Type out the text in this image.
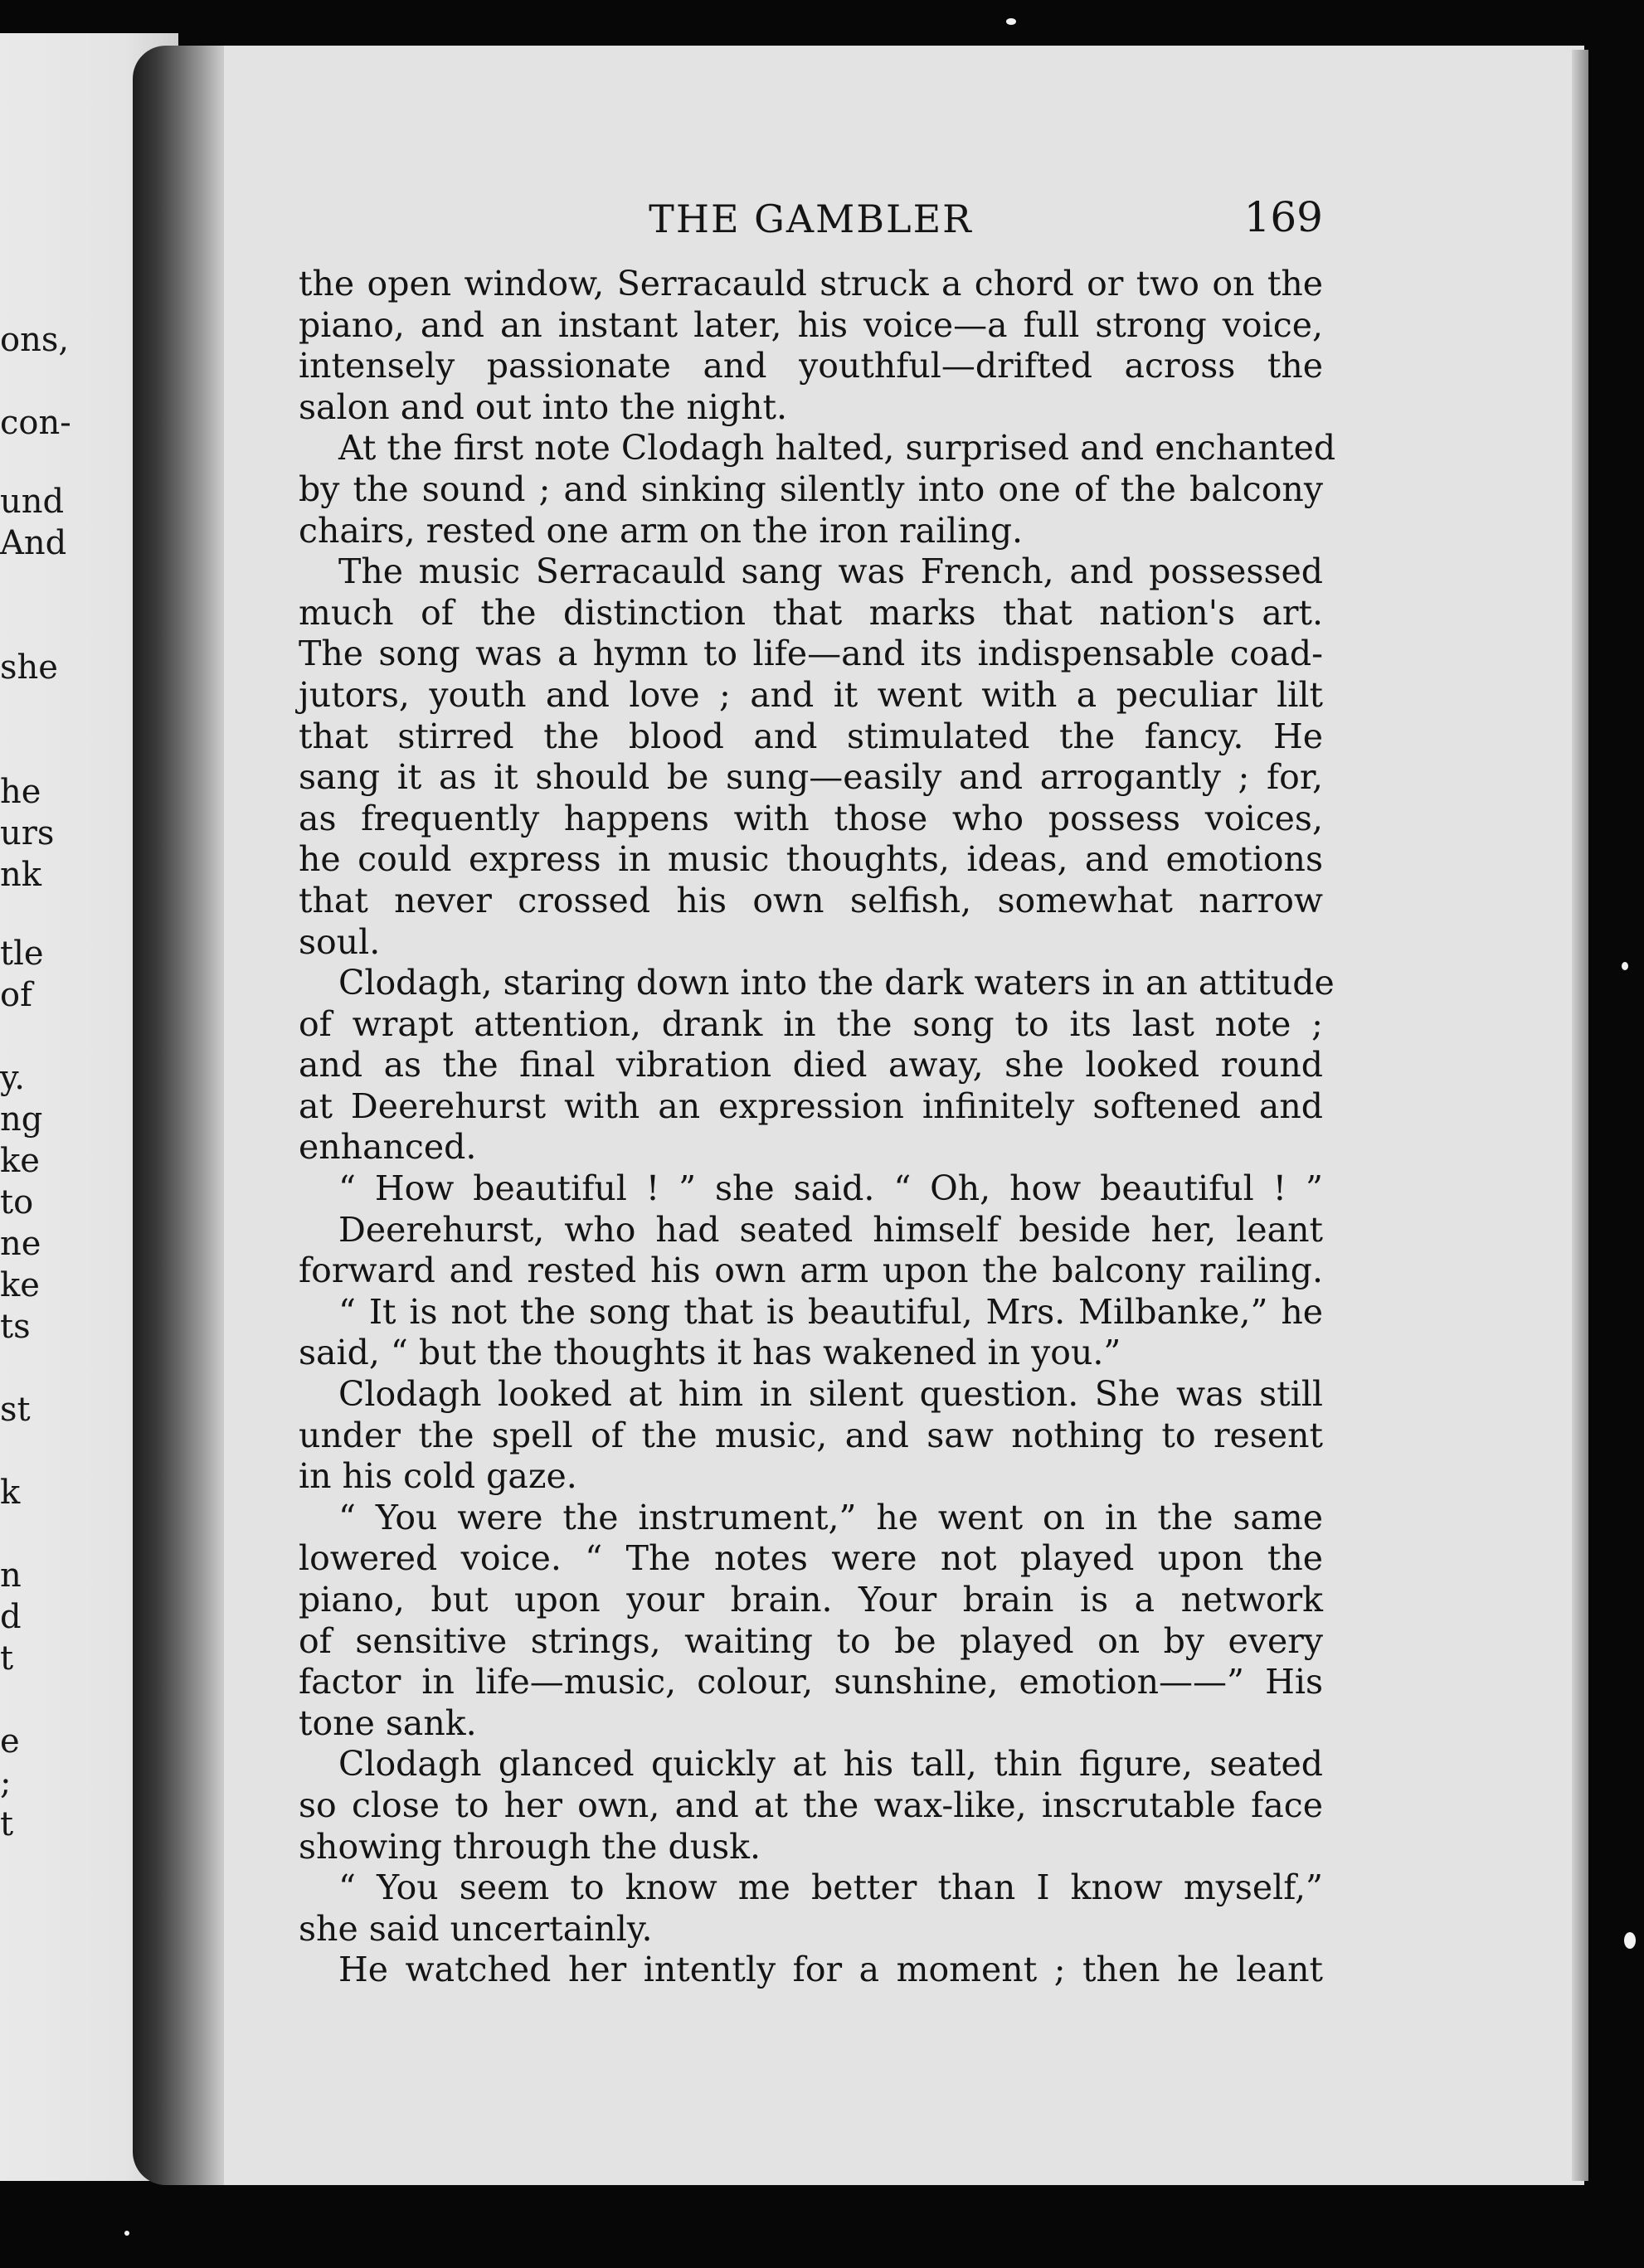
ons,
con-
und
And
she
he
urs
nk
tle
of
y.
ng
ke
to
ne
ke
ts
st
k
n
d
t
e
;
t
THE GAMBLER	169
the open window, Serracauld struck a chord or two on the
piano, and an instant later, his voice—a full strong voice,
intensely passionate and youthful—drifted across the
salon and out into the night.
At the first note Clodagh halted, surprised and enchanted
by the sound ; and sinking silently into one of the balcony
chairs, rested one arm on the iron railing.
The music Serracauld sang was French, and possessed
much of the distinction that marks that nation's art.
The song was a hymn to life—and its indispensable coad-
jutors, youth and love ; and it went with a peculiar lilt
that stirred the blood and stimulated the fancy. He
sang it as it should be sung—easily and arrogantly ; for,
as frequently happens with those who possess voices,
he could express in music thoughts, ideas, and emotions
that never crossed his own selfish, somewhat narrow
soul.
Clodagh, staring down into the dark waters in an attitude
of wrapt attention, drank in the song to its last note ;
and as the final vibration died away, she looked round
at Deerehurst with an expression infinitely softened and
enhanced.
“ How beautiful ! ” she said. “ Oh, how beautiful ! ”
Deerehurst, who had seated himself beside her, leant
forward and rested his own arm upon the balcony railing.
“ It is not the song that is beautiful, Mrs. Milbanke,” he
said, “ but the thoughts it has wakened in you.”
Clodagh looked at him in silent question. She was still
under the spell of the music, and saw nothing to resent
in his cold gaze.
“ You were the instrument,” he went on in the same
lowered voice. “ The notes were not played upon the
piano, but upon your brain. Your brain is a network
of sensitive strings, waiting to be played on by every
factor in life—music, colour, sunshine, emotion——” His
tone sank.
Clodagh glanced quickly at his tall, thin figure, seated
so close to her own, and at the wax-like, inscrutable face
showing through the dusk.
“ You seem to know me better than I know myself,”
she said uncertainly.
He watched her intently for a moment ; then he leant
